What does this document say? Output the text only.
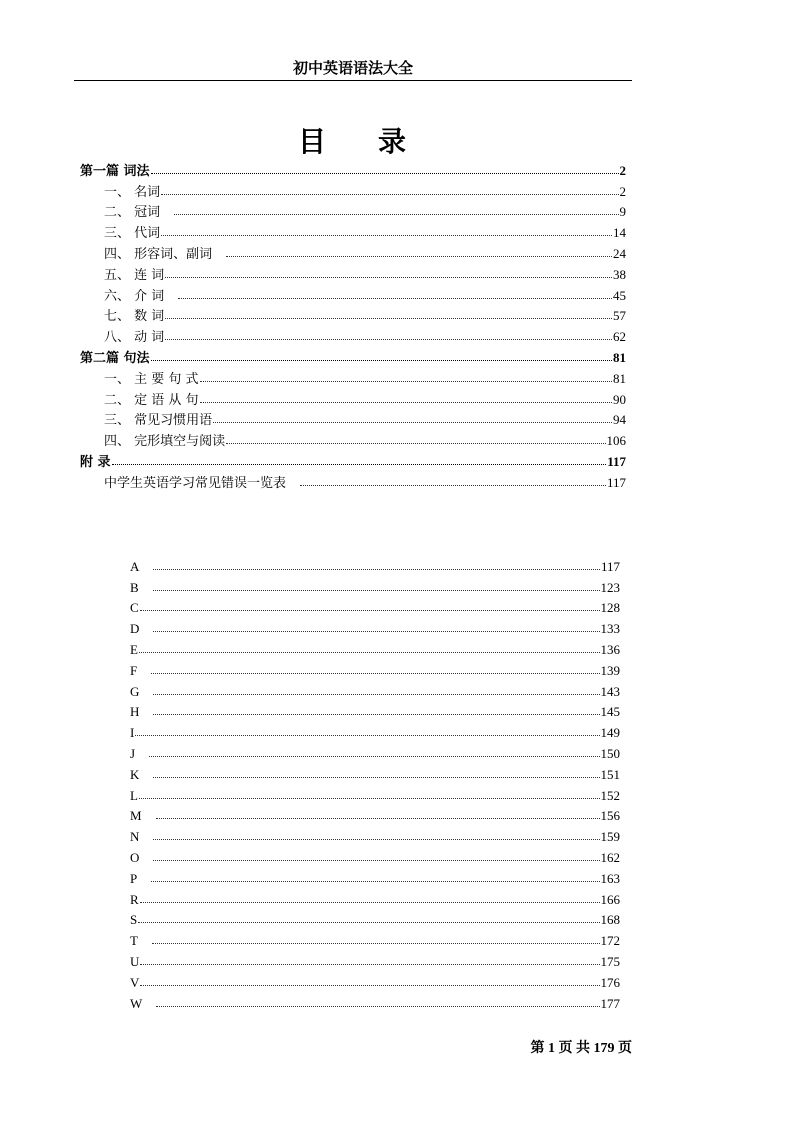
初中英语语法大全
目 录
第一篇 词法	2
一、 名词	2
二、 冠词	9
三、 代词	14
四、 形容词、副词	24
五、 连 词	38
六、 介 词	45
七、 数 词	57
八、 动 词	62
第二篇 句法	81
一、 主 要 句 式	81
二、 定 语 从 句	90
三、 常见习惯用语	94
四、 完形填空与阅读	106
附 录	117
中学生英语学习常见错误一览表	117
A	117
B	123
C	128
D	133
E	136
F	139
G	143
H	145
I	149
J	150
K	151
L	152
M	156
N	159
O	162
P	163
R	166
S	168
T	172
U	175
V	176
W	177
第 1 页 共 179 页
